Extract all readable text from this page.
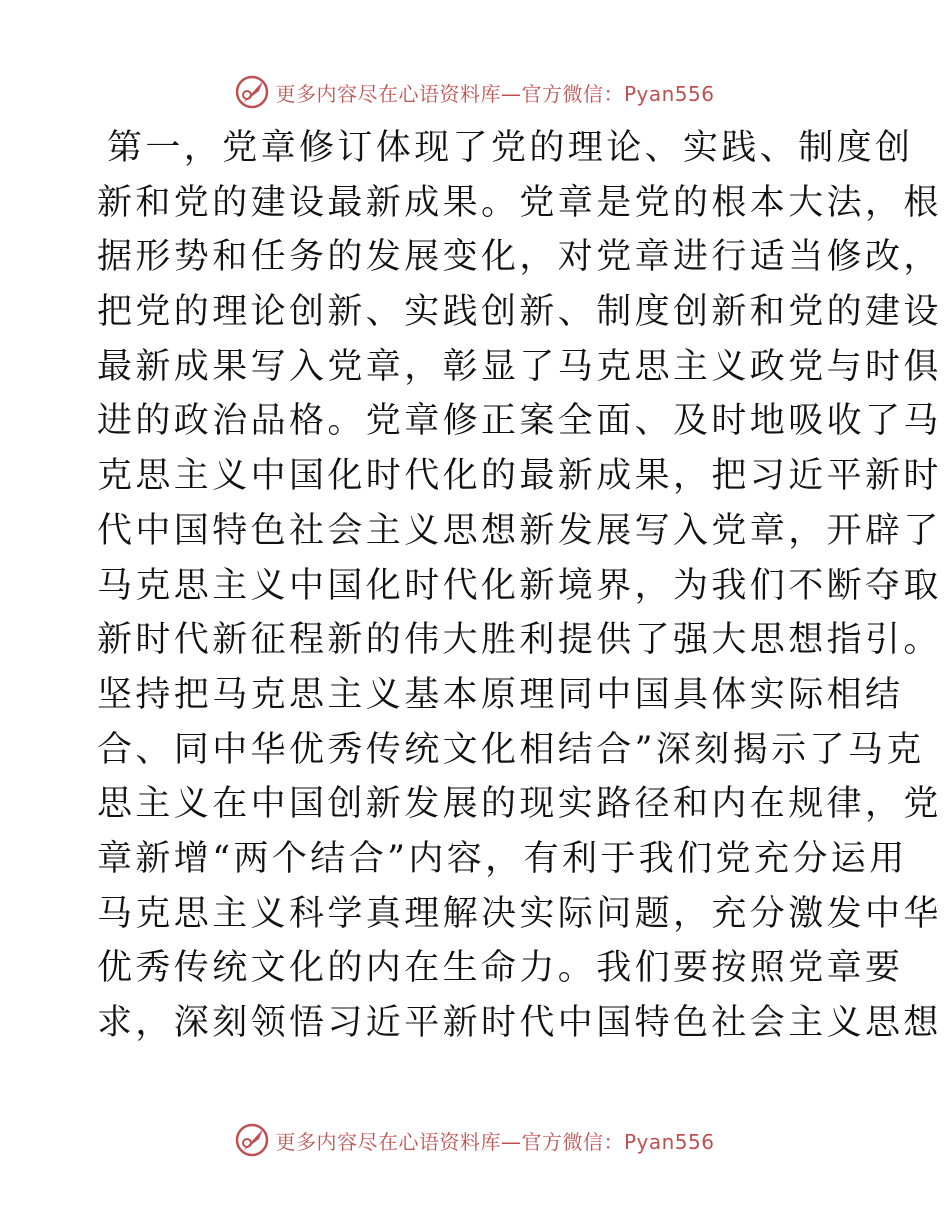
更多内容尽在心语资料库—官方微信：Pyan556
第一，党章修订体现了党的理论、实践、制度创
新和党的建设最新成果。党章是党的根本大法，根
据形势和任务的发展变化，对党章进行适当修改，
把党的理论创新、实践创新、制度创新和党的建设
最新成果写入党章，彰显了马克思主义政党与时俱
进的政治品格。党章修正案全面、及时地吸收了马
克思主义中国化时代化的最新成果，把习近平新时
代中国特色社会主义思想新发展写入党章，开辟了
马克思主义中国化时代化新境界，为我们不断夺取
新时代新征程新的伟大胜利提供了强大思想指引。
坚持把马克思主义基本原理同中国具体实际相结
合、同中华优秀传统文化相结合”深刻揭示了马克
思主义在中国创新发展的现实路径和内在规律，党
章新增“两个结合”内容，有利于我们党充分运用
马克思主义科学真理解决实际问题，充分激发中华
优秀传统文化的内在生命力。我们要按照党章要
求，深刻领悟习近平新时代中国特色社会主义思想
更多内容尽在心语资料库—官方微信：Pyan556
